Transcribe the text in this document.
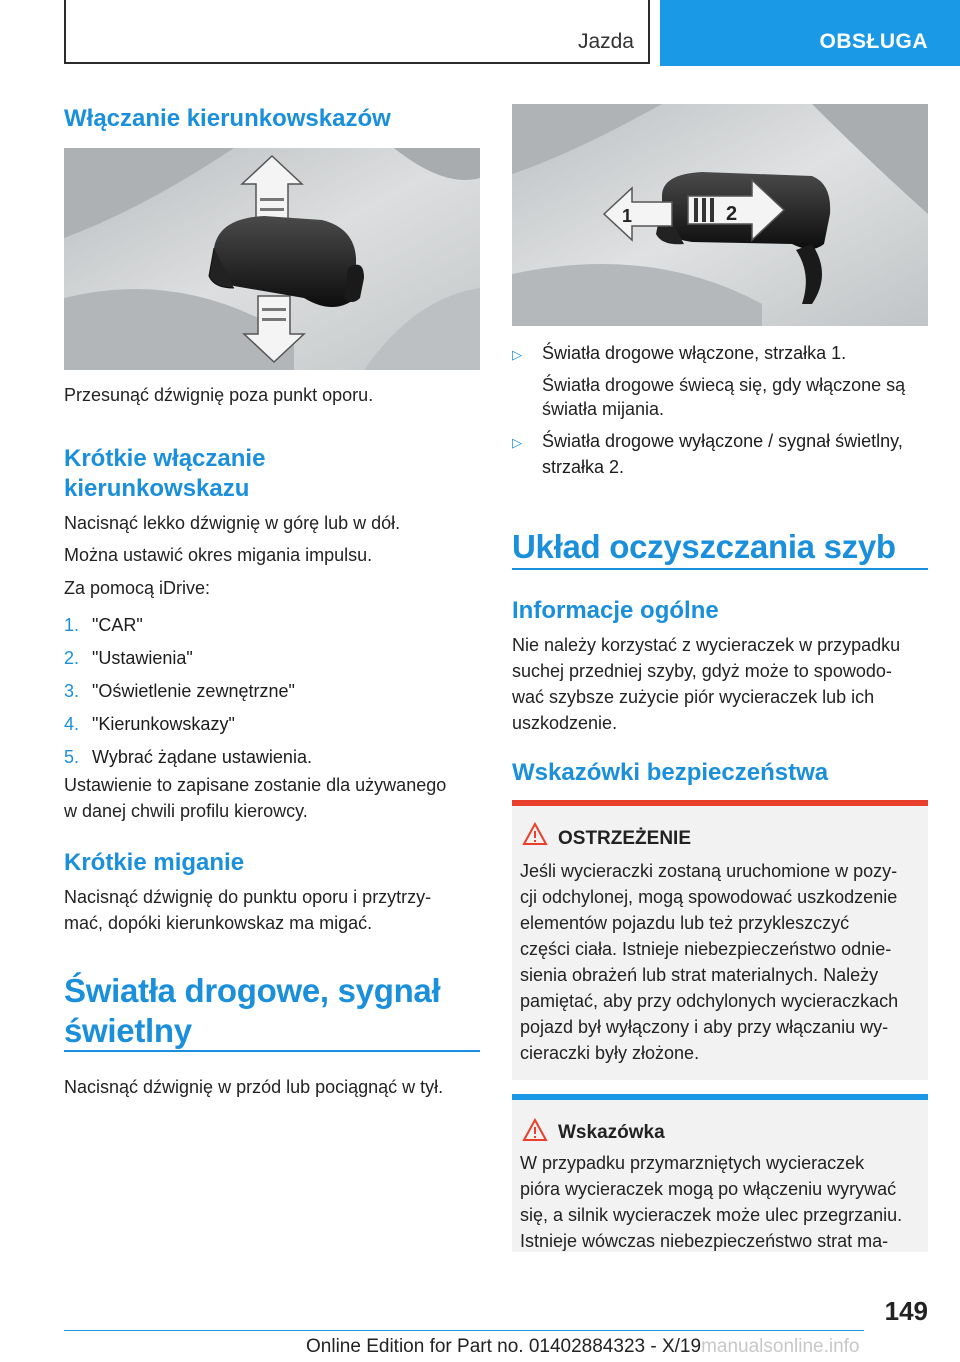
Jazda	OBSŁUGA
Włączanie kierunkowskazów

Przesunąć dźwignię poza punkt oporu.

Krótkie włączanie
kierunkowskazu

Nacisnąć lekko dźwignię w górę lub w dół.

Można ustawić okres migania impulsu.

Za pomocą iDrive:

1. "CAR"
2. "Ustawienia"
3. "Oświetlenie zewnętrzne"
4. "Kierunkowskazy"
5. Wybrać żądane ustawienia.

Ustawienie to zapisane zostanie dla używanego

w danej chwili profilu kierowcy.

Krótkie miganie

Nacisnąć dźwignię do punktu oporu i przytrzy-

mać, dopóki kierunkowskaz ma migać.

Światła drogowe, sygnał
świetlny

Nacisnąć dźwignię w przód lub pociągnąć w tył.

1	2
▷	Światła drogowe włączone, strzałka 1.

Światła drogowe świecą się, gdy włączone są

światła mijania.

▷	Światła drogowe wyłączone / sygnał świetlny, strzałka 2.
Układ oczyszczania szyb
Informacje ogólne

Nie należy korzystać z wycieraczek w przypadku

suchej przedniej szyby, gdyż może to spowodo-

wać szybsze zużycie piór wycieraczek lub ich

uszkodzenie.

Wskazówki bezpieczeństwa
OSTRZEŻENIE
Jeśli wycieraczki zostaną uruchomione w pozy-
cji odchylonej, mogą spowodować uszkodzenie
elementów pojazdu lub też przykleszczyć
części ciała. Istnieje niebezpieczeństwo odnie-
sienia obrażeń lub strat materialnych. Należy
pamiętać, aby przy odchylonych wycieraczkach
pojazd był wyłączony i aby przy włączaniu wy-
cieraczki były złożone.
Wskazówka
W przypadku przymarzniętych wycieraczek
pióra wycieraczek mogą po włączeniu wyrywać
się, a silnik wycieraczek może ulec przegrzaniu.
Istnieje wówczas niebezpieczeństwo strat ma-
149
Online Edition for Part no. 01402884323 - X/19manualsonline.info
